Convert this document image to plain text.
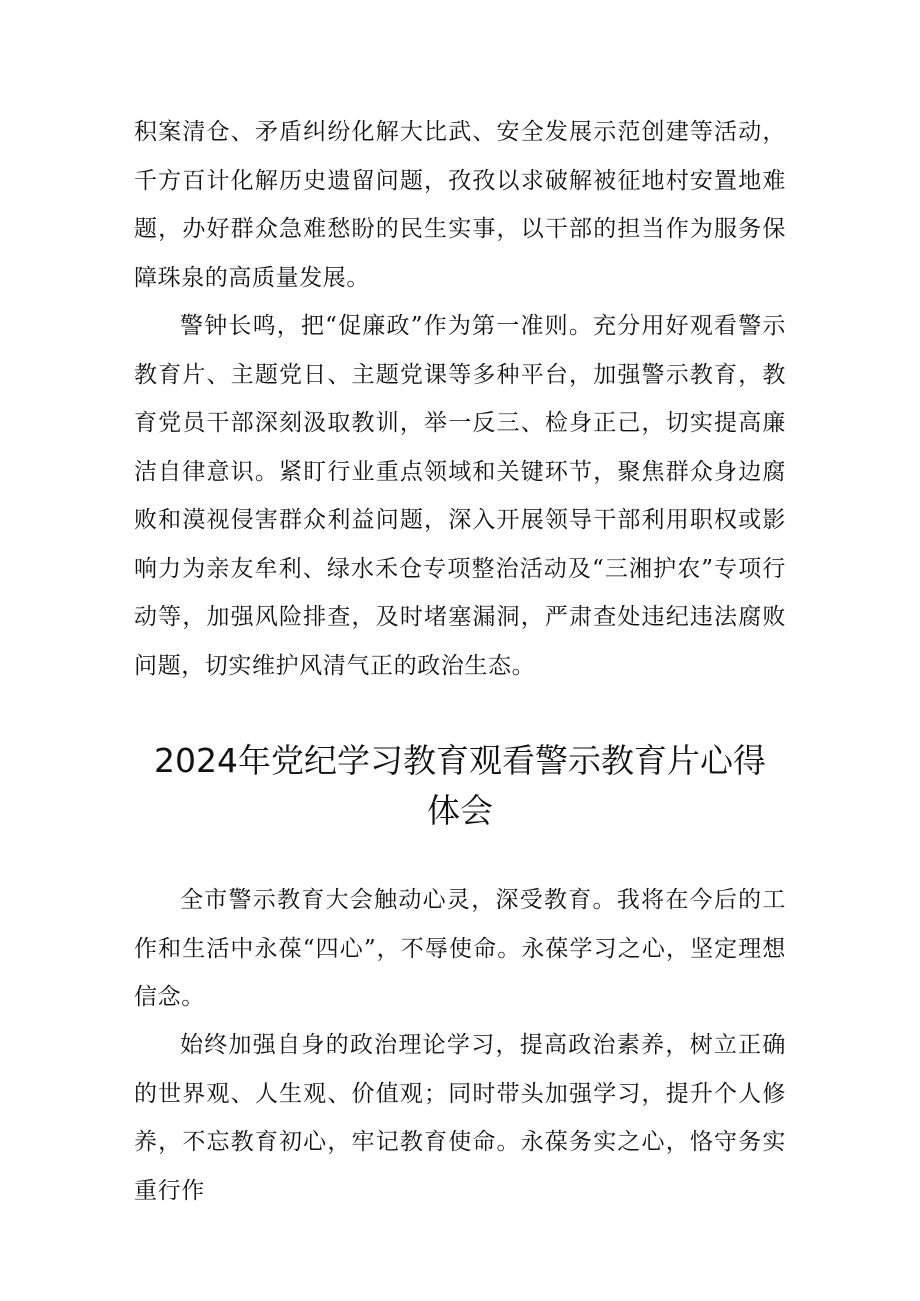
积案清仓、矛盾纠纷化解大比武、安全发展示范创建等活动，千方百计化解历史遗留问题，孜孜以求破解被征地村安置地难题，办好群众急难愁盼的民生实事，以干部的担当作为服务保障珠泉的高质量发展。

警钟长鸣，把“促廉政”作为第一准则。充分用好观看警示教育片、主题党日、主题党课等多种平台，加强警示教育，教育党员干部深刻汲取教训，举一反三、检身正己，切实提高廉洁自律意识。紧盯行业重点领域和关键环节，聚焦群众身边腐败和漠视侵害群众利益问题，深入开展领导干部利用职权或影响力为亲友牟利、绿水禾仓专项整治活动及“三湘护农”专项行动等，加强风险排查，及时堵塞漏洞，严肃查处违纪违法腐败问题，切实维护风清气正的政治生态。

2024年党纪学习教育观看警示教育片心得体会

全市警示教育大会触动心灵，深受教育。我将在今后的工作和生活中永葆“四心”，不辱使命。永葆学习之心，坚定理想信念。

始终加强自身的政治理论学习，提高政治素养，树立正确的世界观、人生观、价值观；同时带头加强学习，提升个人修养，不忘教育初心，牢记教育使命。永葆务实之心，恪守务实重行作
